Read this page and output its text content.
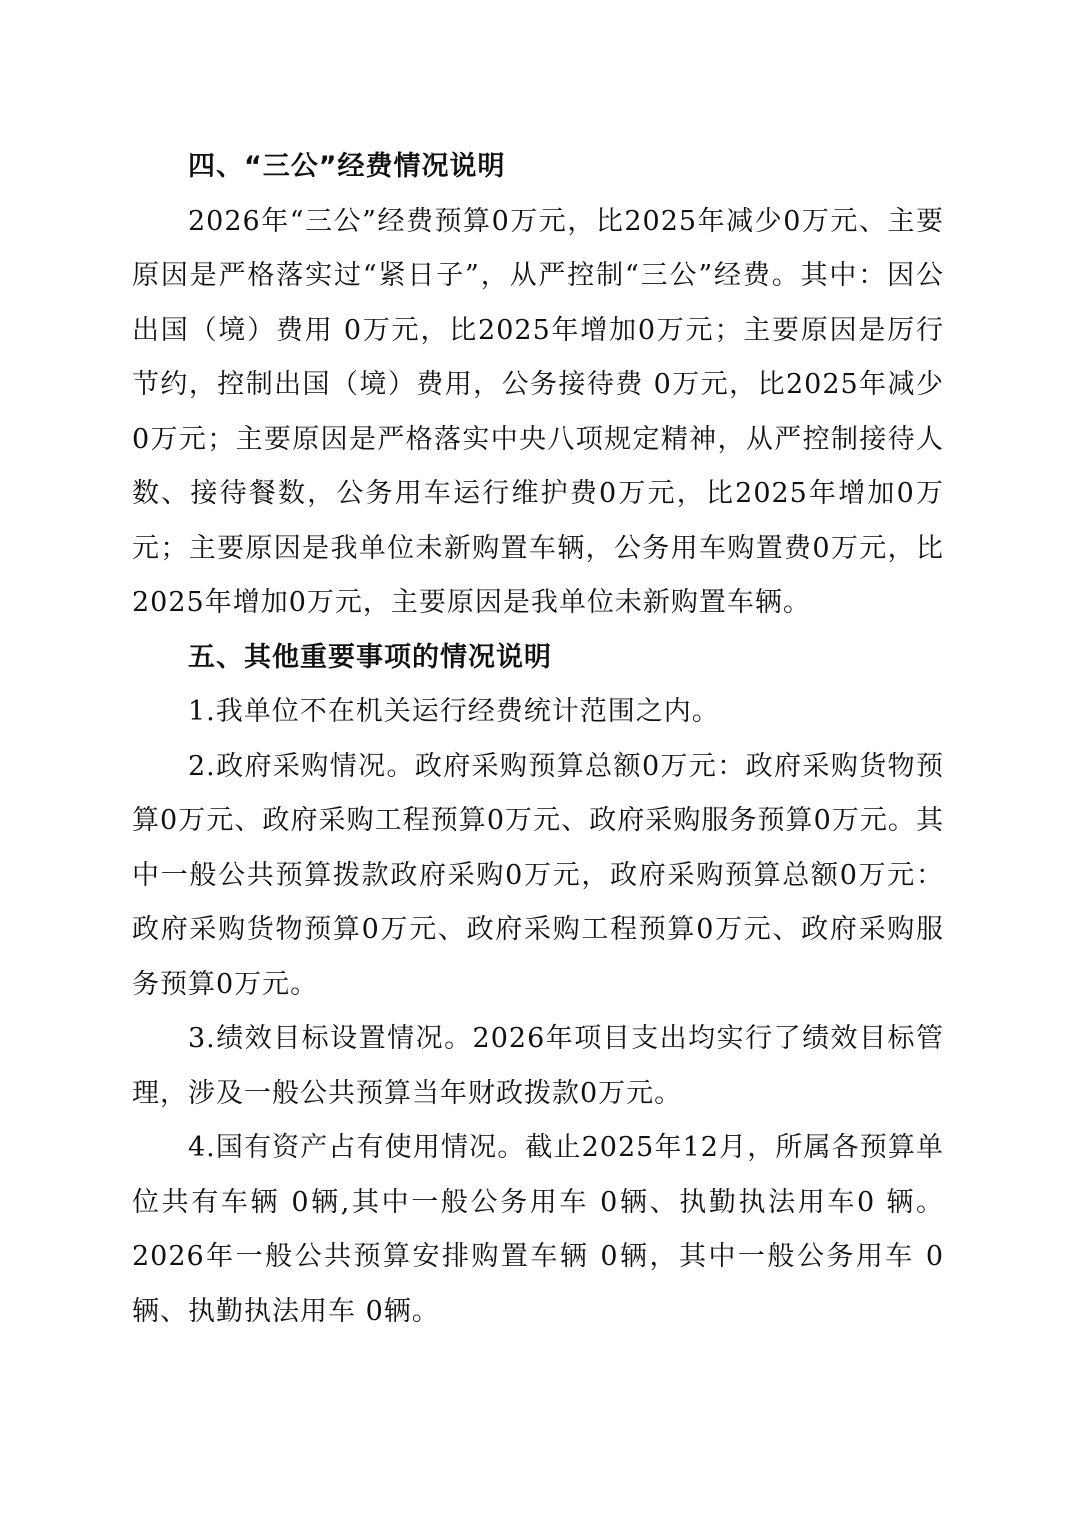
四、“三公”经费情况说明

2026年“三公”经费预算0万元，比2025年减少0万元、主要原因是严格落实过“紧日子”，从严控制“三公”经费。其中：因公出国（境）费用 0万元，比2025年增加0万元；主要原因是厉行节约，控制出国（境）费用，公务接待费 0万元，比2025年减少0万元；主要原因是严格落实中央八项规定精神，从严控制接待人数、接待餐数，公务用车运行维护费0万元，比2025年增加0万元；主要原因是我单位未新购置车辆，公务用车购置费0万元，比2025年增加0万元，主要原因是我单位未新购置车辆。

五、其他重要事项的情况说明

1.我单位不在机关运行经费统计范围之内。

2.政府采购情况。政府采购预算总额0万元：政府采购货物预算0万元、政府采购工程预算0万元、政府采购服务预算0万元。其中一般公共预算拨款政府采购0万元，政府采购预算总额0万元：政府采购货物预算0万元、政府采购工程预算0万元、政府采购服务预算0万元。

3.绩效目标设置情况。2026年项目支出均实行了绩效目标管理，涉及一般公共预算当年财政拨款0万元。

4.国有资产占有使用情况。截止2025年12月，所属各预算单位共有车辆 0辆,其中一般公务用车 0辆、执勤执法用车0 辆。2026年一般公共预算安排购置车辆 0辆，其中一般公务用车 0辆、执勤执法用车 0辆。
